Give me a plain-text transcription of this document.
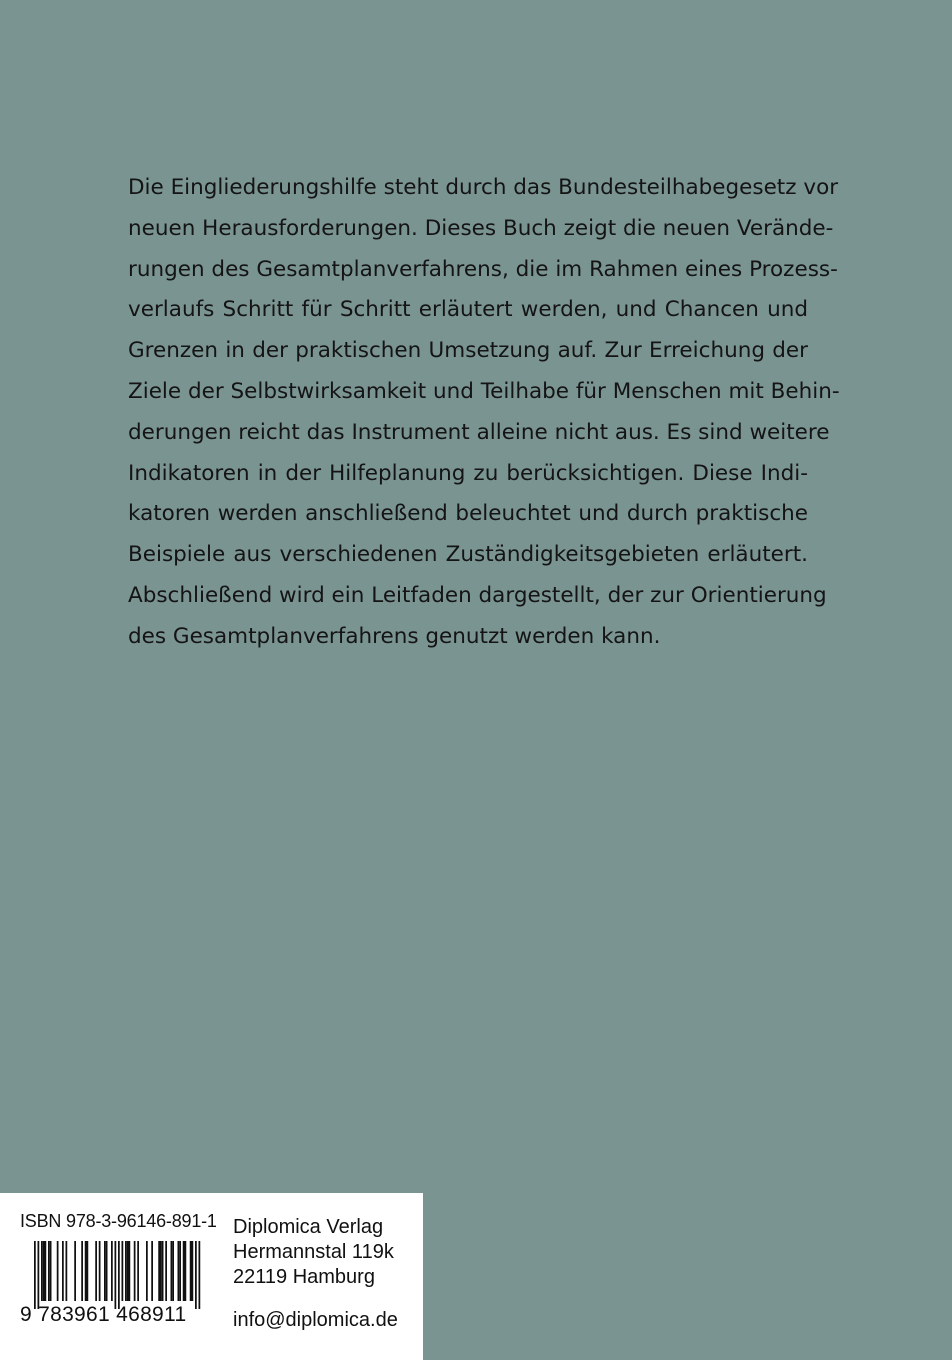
Die Eingliederungshilfe steht durch das Bundesteilhabegesetz vor
neuen Herausforderungen. Dieses Buch zeigt die neuen Verände-
rungen des Gesamtplanverfahrens, die im Rahmen eines Prozess-
verlaufs Schritt für Schritt erläutert werden, und Chancen und
Grenzen in der praktischen Umsetzung auf. Zur Erreichung der
Ziele der Selbstwirksamkeit und Teilhabe für Menschen mit Behin-
derungen reicht das Instrument alleine nicht aus. Es sind weitere
Indikatoren in der Hilfeplanung zu berücksichtigen. Diese Indi-
katoren werden anschließend beleuchtet und durch praktische
Beispiele aus verschiedenen Zuständigkeitsgebieten erläutert.
Abschließend wird ein Leitfaden dargestellt, der zur Orientierung
des Gesamtplanverfahrens genutzt werden kann.
ISBN 978-3-96146-891-1
9 783961 468911
Diplomica Verlag
Hermannstal 119k
22119 Hamburg
info@diplomica.de
